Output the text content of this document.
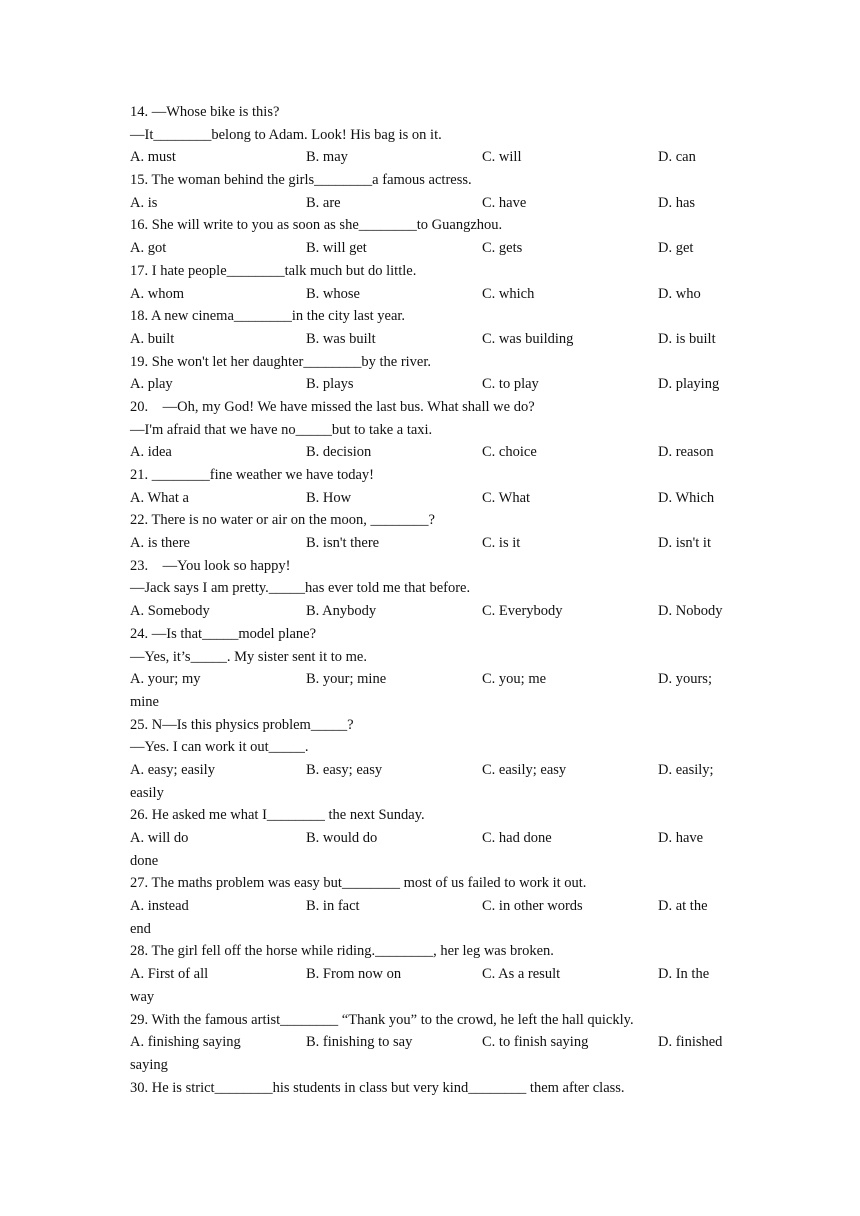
14. —Whose bike is this?
—It________belong to Adam. Look! His bag is on it.
A. must	B. may	C. will	D. can
15. The woman behind the girls________a famous actress.
A. is	B. are	C. have	D. has
16. She will write to you as soon as she________to Guangzhou.
A. got	B. will get	C. gets	D. get
17. I hate people________talk much but do little.
A. whom	B. whose	C. which	D. who
18. A new cinema________in the city last year.
A. built	B. was built	C. was building	D. is built
19. She won't let her daughter________by the river.
A. play	B. plays	C. to play	D. playing
20.    —Oh, my God! We have missed the last bus. What shall we do?
—I'm afraid that we have no_____but to take a taxi.
A. idea	B. decision	C. choice	D. reason
21. ________fine weather we have today!
A. What a	B. How	C. What	D. Which
22. There is no water or air on the moon, ________?
A. is there	B. isn't there	C. is it	D. isn't it
23.    —You look so happy!
—Jack says I am pretty._____has ever told me that before.
A. Somebody	B. Anybody	C. Everybody	D. Nobody
24. —Is that_____model plane?
—Yes, it’s_____. My sister sent it to me.
A. your; my	B. your; mine	C. you; me	D. yours;
mine
25. N—Is this physics problem_____?
—Yes. I can work it out_____.
A. easy; easily	B. easy; easy	C. easily; easy	D. easily;
easily
26. He asked me what I________ the next Sunday.
A. will do	B. would do	C. had done	D. have
done
27. The maths problem was easy but________ most of us failed to work it out.
A. instead	B. in fact	C. in other words	D. at the
end
28. The girl fell off the horse while riding.________, her leg was broken.
A. First of all	B. From now on	C. As a result	D. In the
way
29. With the famous artist________ “Thank you” to the crowd, he left the hall quickly.
A. finishing saying	B. finishing to say	C. to finish saying	D. finished
saying
30. He is strict________his students in class but very kind________ them after class.
